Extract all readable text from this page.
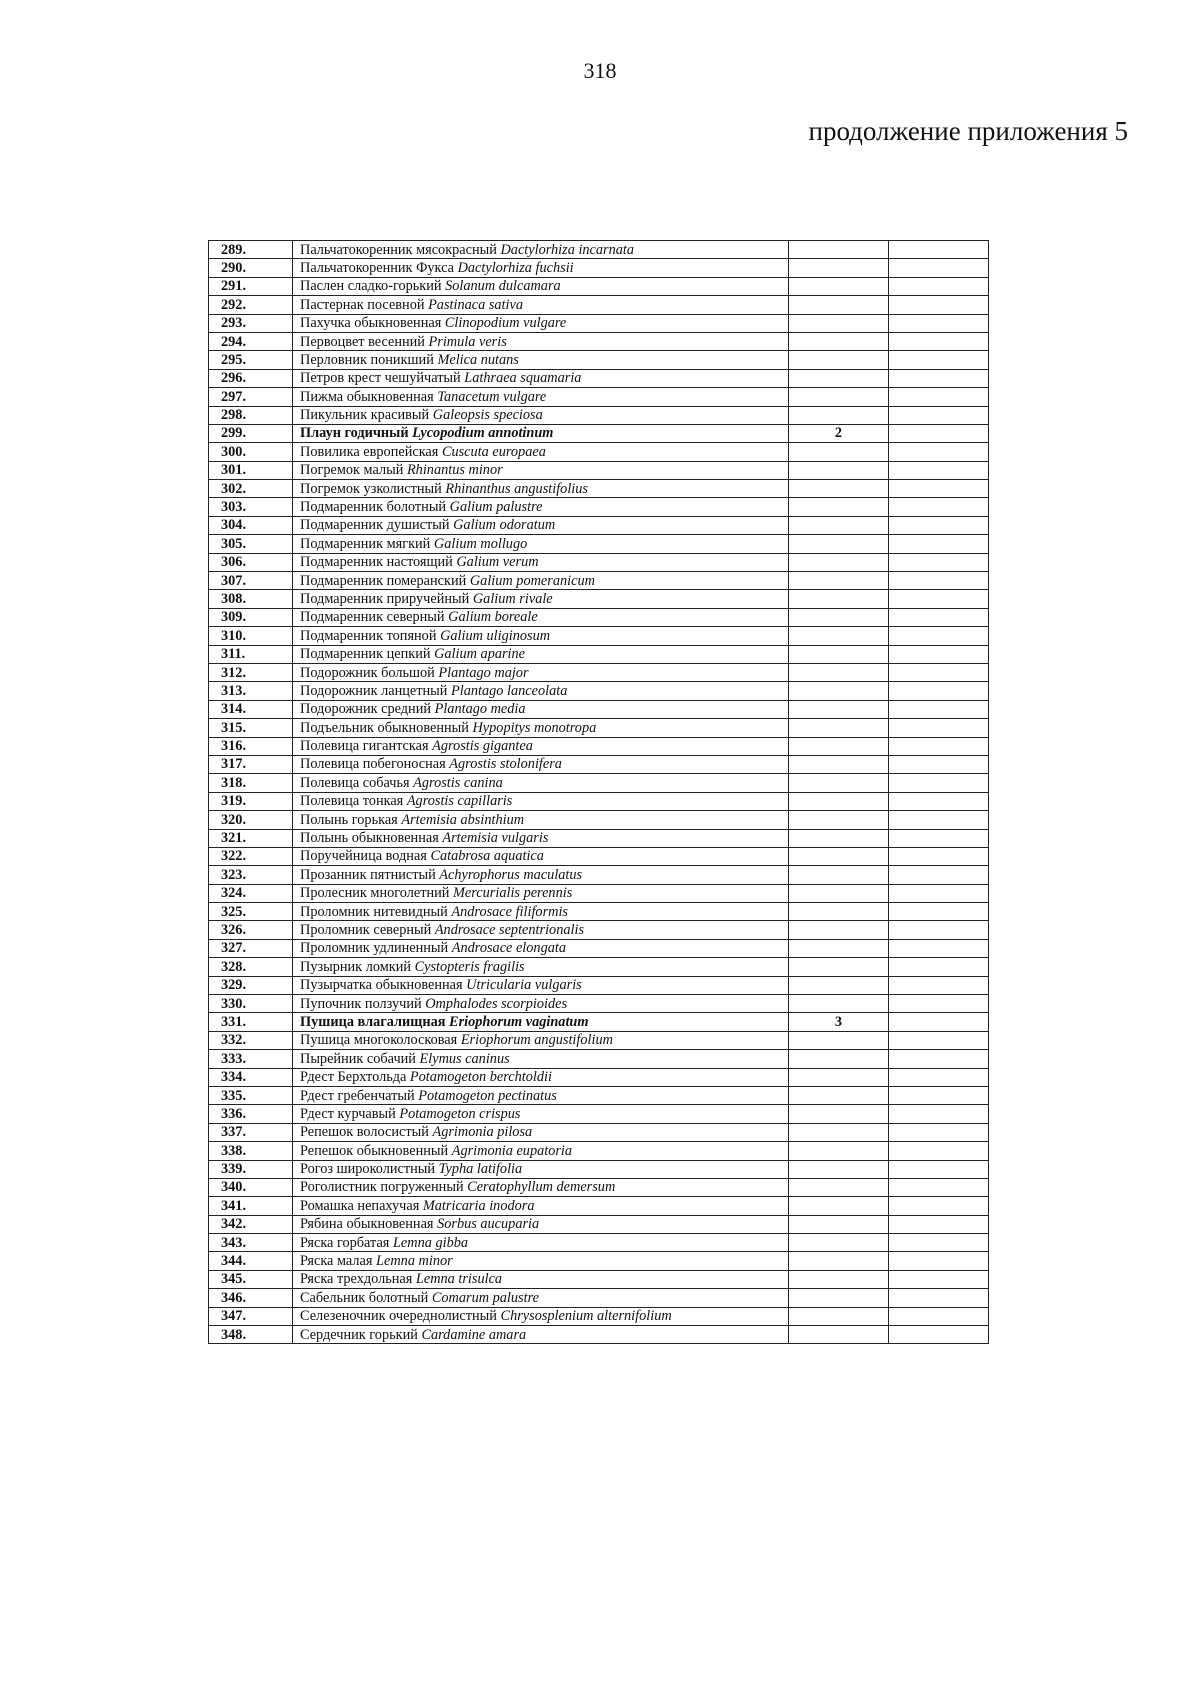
318
продолжение приложения 5
289.	Пальчатокоренник мясокрасный Dactylorhiza incarnata		
290.	Пальчатокоренник Фукса Dactylorhiza fuchsii		
291.	Паслен сладко-горький Solanum dulcamara		
292.	Пастернак посевной Pastinaca sativa		
293.	Пахучка обыкновенная Clinopodium vulgare		
294.	Первоцвет весенний Primula veris		
295.	Перловник поникший Melica nutans		
296.	Петров крест чешуйчатый Lathraea squamaria		
297.	Пижма обыкновенная Tanacetum vulgare		
298.	Пикульник красивый Galeopsis speciosa		
299.	Плаун годичный Lycopodium annotinum	2	
300.	Повилика европейская Cuscuta europaea		
301.	Погремок малый Rhinantus minor		
302.	Погремок узколистный Rhinanthus angustifolius		
303.	Подмаренник болотный Galium palustre		
304.	Подмаренник душистый Galium odoratum		
305.	Подмаренник мягкий Galium mollugo		
306.	Подмаренник настоящий Galium verum		
307.	Подмаренник померанский Galium pomeranicum		
308.	Подмаренник приручейный Galium rivale		
309.	Подмаренник северный Galium boreale		
310.	Подмаренник топяной Galium uliginosum		
311.	Подмаренник цепкий Galium aparine		
312.	Подорожник большой Plantago major		
313.	Подорожник ланцетный Plantago lanceolata		
314.	Подорожник средний Plantago media		
315.	Подъельник обыкновенный Hypopitys monotropa		
316.	Полевица гигантская Agrostis gigantea		
317.	Полевица побегоносная Agrostis stolonifera		
318.	Полевица собачья Agrostis canina		
319.	Полевица тонкая Agrostis capillaris		
320.	Полынь горькая Artemisia absinthium		
321.	Полынь обыкновенная Artemisia vulgaris		
322.	Поручейница водная Catabrosa aquatica		
323.	Прозанник пятнистый Achyrophorus maculatus		
324.	Пролесник многолетний Mercurialis perennis		
325.	Проломник нитевидный Androsace filiformis		
326.	Проломник северный Androsace septentrionalis		
327.	Проломник удлиненный Androsace elongata		
328.	Пузырник ломкий Cystopteris fragilis		
329.	Пузырчатка обыкновенная Utricularia vulgaris		
330.	Пупочник ползучий Omphalodes scorpioides		
331.	Пушица влагалищная Eriophorum vaginatum	3	
332.	Пушица многоколосковая Eriophorum angustifolium		
333.	Пырейник собачий Elymus caninus		
334.	Рдест Берхтольда Potamogeton berchtoldii		
335.	Рдест гребенчатый Potamogeton pectinatus		
336.	Рдест курчавый Potamogeton crispus		
337.	Репешок волосистый Agrimonia pilosa		
338.	Репешок обыкновенный Agrimonia eupatoria		
339.	Рогоз широколистный Typha latifolia		
340.	Роголистник погруженный Ceratophyllum demersum		
341.	Ромашка непахучая Matricaria inodora		
342.	Рябина обыкновенная Sorbus aucuparia		
343.	Ряска горбатая Lemna gibba		
344.	Ряска малая Lemna minor		
345.	Ряска трехдольная Lemna trisulca		
346.	Сабельник болотный Comarum palustre		
347.	Селезеночник очереднолистный Chrysosplenium alternifolium		
348.	Сердечник горький Cardamine amara		
